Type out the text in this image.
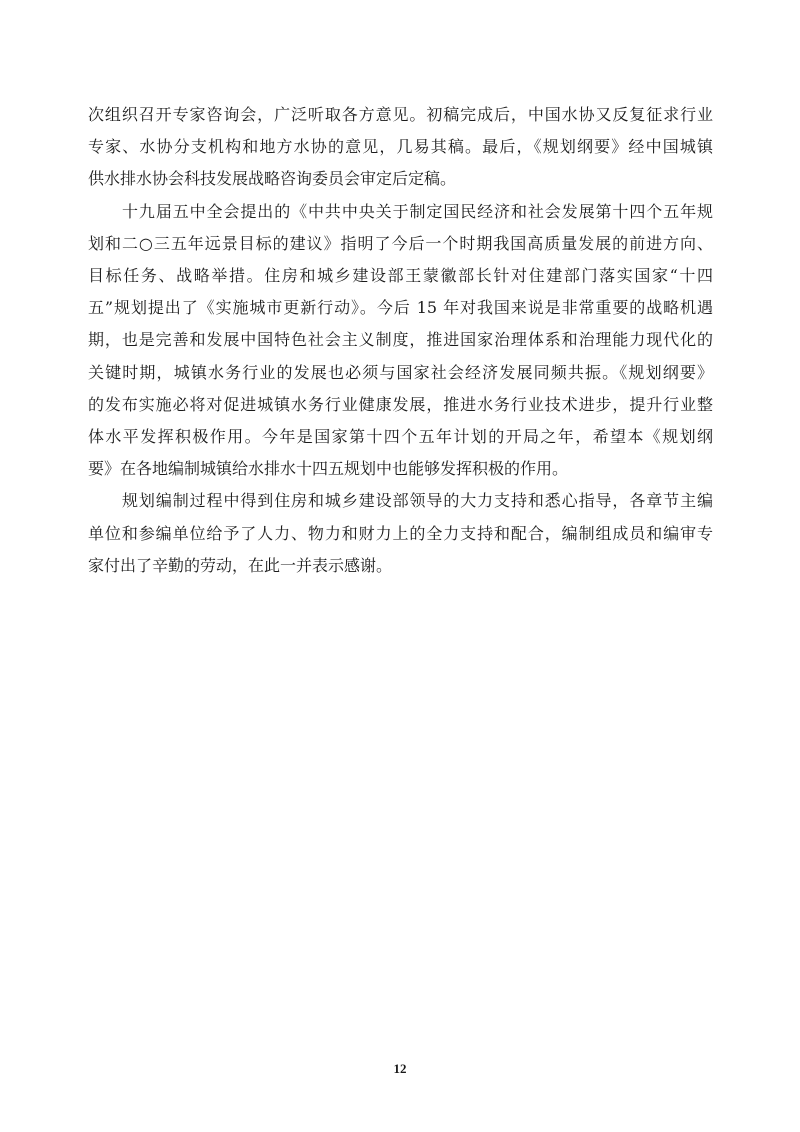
次组织召开专家咨询会，广泛听取各方意见。初稿完成后，中国水协又反复征求行业
专家、水协分支机构和地方水协的意见，几易其稿。最后，《规划纲要》经中国城镇
供水排水协会科技发展战略咨询委员会审定后定稿。
十九届五中全会提出的《中共中央关于制定国民经济和社会发展第十四个五年规
划和二○三五年远景目标的建议》指明了今后一个时期我国高质量发展的前进方向、
目标任务、战略举措。住房和城乡建设部王蒙徽部长针对住建部门落实国家“十四
五”规划提出了《实施城市更新行动》。今后 15 年对我国来说是非常重要的战略机遇
期，也是完善和发展中国特色社会主义制度，推进国家治理体系和治理能力现代化的
关键时期，城镇水务行业的发展也必须与国家社会经济发展同频共振。《规划纲要》
的发布实施必将对促进城镇水务行业健康发展，推进水务行业技术进步，提升行业整
体水平发挥积极作用。今年是国家第十四个五年计划的开局之年，希望本《规划纲
要》在各地编制城镇给水排水十四五规划中也能够发挥积极的作用。
规划编制过程中得到住房和城乡建设部领导的大力支持和悉心指导，各章节主编
单位和参编单位给予了人力、物力和财力上的全力支持和配合，编制组成员和编审专
家付出了辛勤的劳动，在此一并表示感谢。
12
